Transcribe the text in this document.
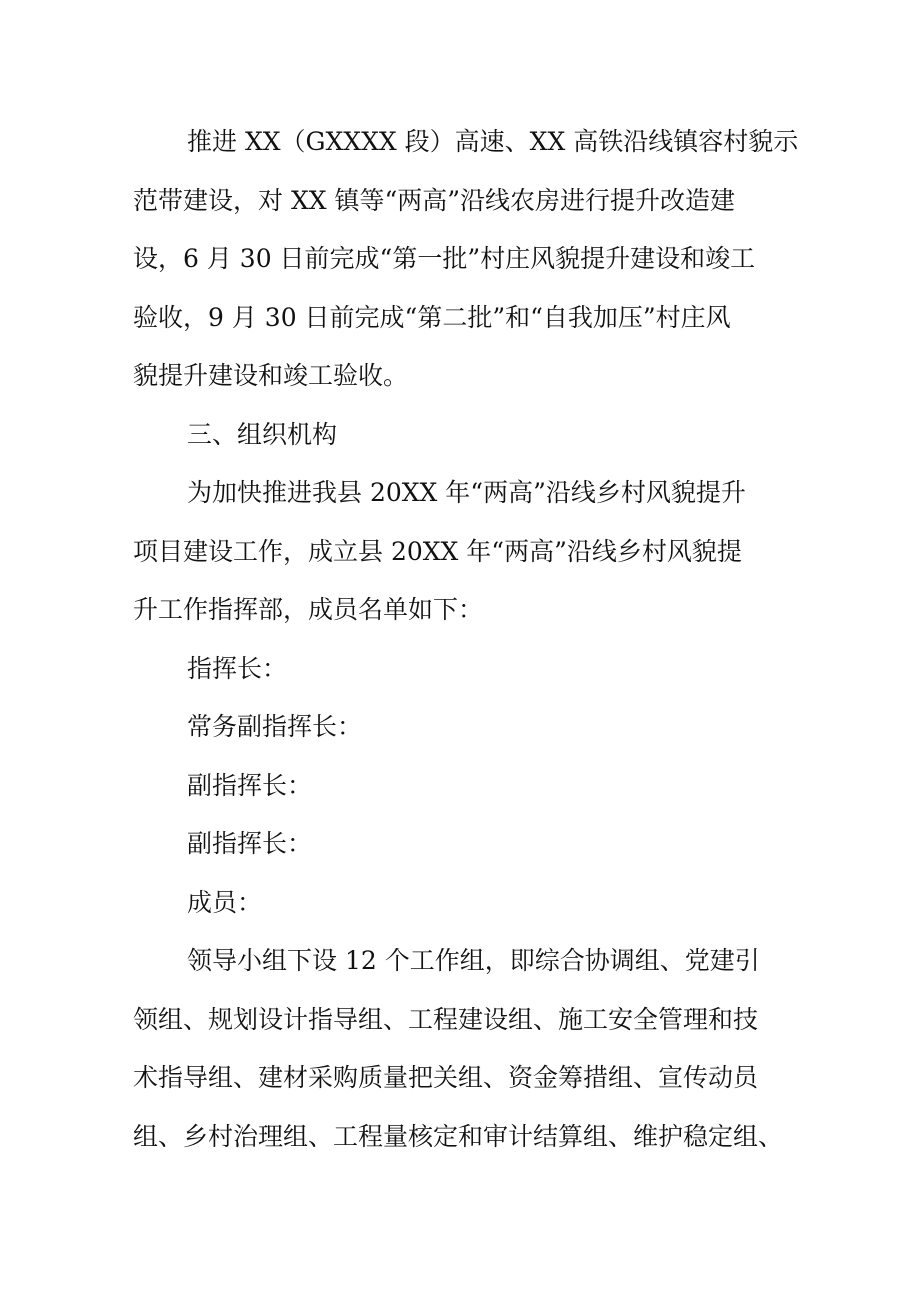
推进 XX（GXXXX 段）高速、XX 高铁沿线镇容村貌示
范带建设，对 XX 镇等“两高”沿线农房进行提升改造建
设，6 月 30 日前完成“第一批”村庄风貌提升建设和竣工
验收，9 月 30 日前完成“第二批”和“自我加压”村庄风
貌提升建设和竣工验收。
三、组织机构
为加快推进我县 20XX 年“两高”沿线乡村风貌提升
项目建设工作，成立县 20XX 年“两高”沿线乡村风貌提
升工作指挥部，成员名单如下：
指挥长：
常务副指挥长：
副指挥长：
副指挥长：
成员：
领导小组下设 12 个工作组，即综合协调组、党建引
领组、规划设计指导组、工程建设组、施工安全管理和技
术指导组、建材采购质量把关组、资金筹措组、宣传动员
组、乡村治理组、工程量核定和审计结算组、维护稳定组、
